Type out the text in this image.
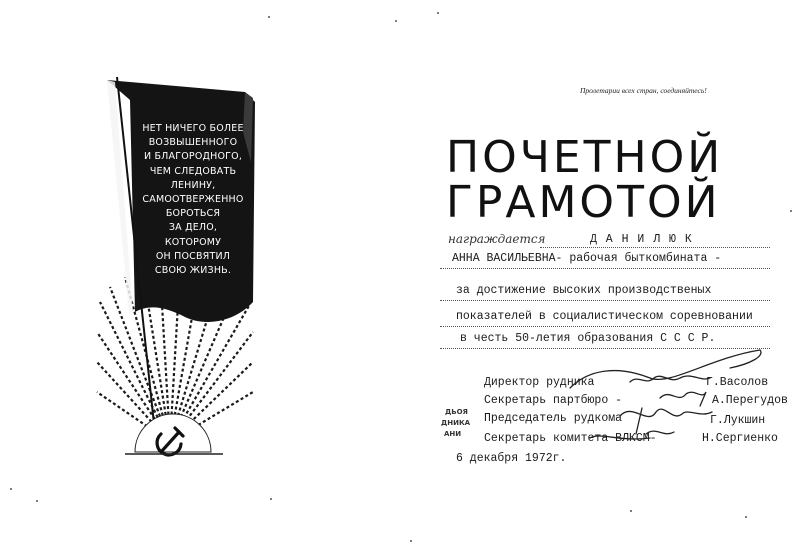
НЕТ НИЧЕГО БОЛЕЕ
ВОЗВЫШЕННОГО
И БЛАГОРОДНОГО,
ЧЕМ СЛЕДОВАТЬ
ЛЕНИНУ,
САМООТВЕРЖЕННО
БОРОТЬСЯ
ЗА ДЕЛО,
КОТОРОМУ
ОН ПОСВЯТИЛ
СВОЮ ЖИЗНЬ.
Пролетарии всех стран, соединяйтесь!
ПОЧЕТНОЙ
ГРАМОТОЙ
награждается	Д А Н И Л Ю К
АННА ВАСИЛЬЕВНА- рабочая быткомбината -
за достижение высоких производственых
показателей в социалистическом соревновании
в честь 50-летия образования С С С Р.
Директор рудника	Г.Васолов
Секретарь партбюро -	А.Перегудов
Председатель рудкома	Г.Лукшин
Секретарь комитета ВЛКСМ-	Н.Сергиенко
6 декабря 1972г.
ДЬОЯ
ДНИКА
АНИ
